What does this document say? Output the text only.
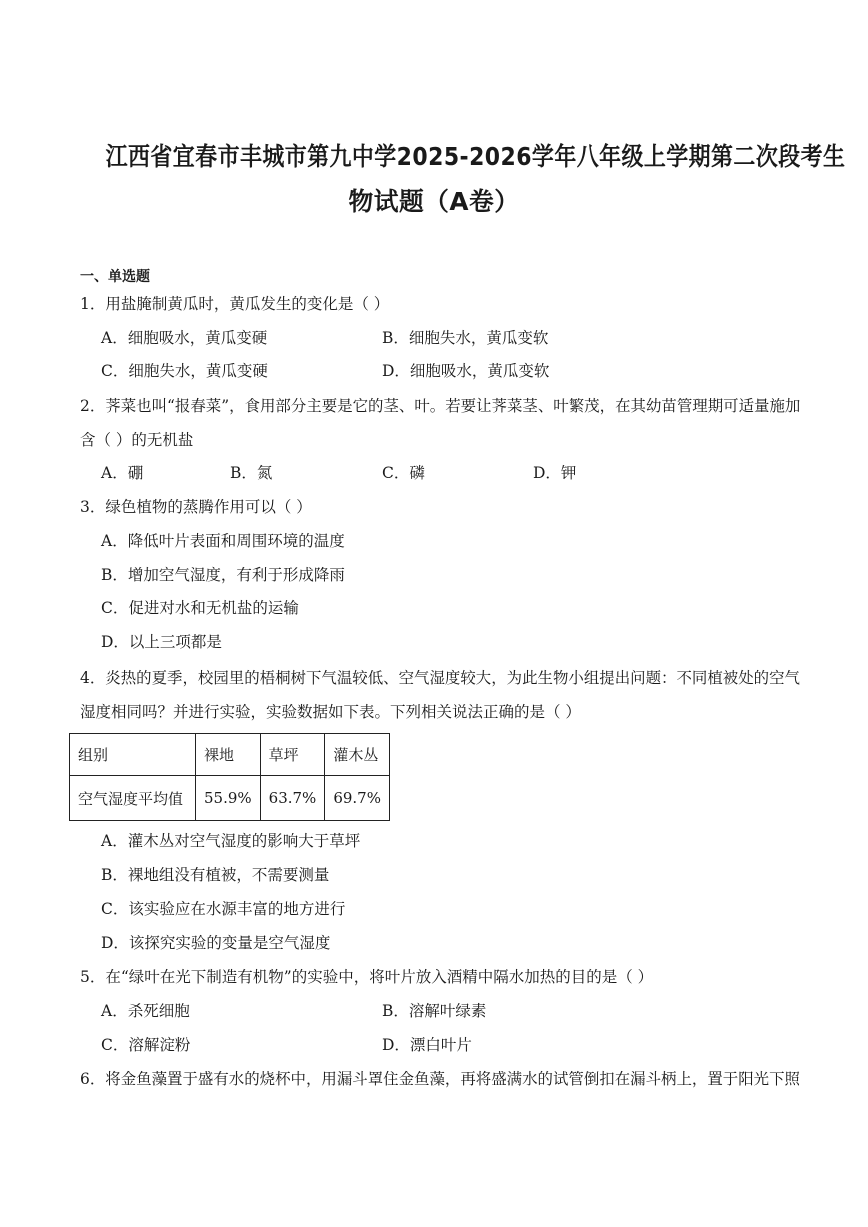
江西省宜春市丰城市第九中学2025-2026学年八年级上学期第二次段考生
物试题（A卷）
一、单选题
1．用盐腌制黄瓜时，黄瓜发生的变化是（ ）
A．细胞吸水，黄瓜变硬	B．细胞失水，黄瓜变软
C．细胞失水，黄瓜变硬	D．细胞吸水，黄瓜变软
2．荠菜也叫“报春菜”，食用部分主要是它的茎、叶。若要让荠菜茎、叶繁茂，在其幼苗管理期可适量施加
含（ ）的无机盐
A．硼	B．氮	C．磷	D．钾
3．绿色植物的蒸腾作用可以（ ）
A．降低叶片表面和周围环境的温度
B．增加空气湿度，有利于形成降雨
C．促进对水和无机盐的运输
D．以上三项都是
4．炎热的夏季，校园里的梧桐树下气温较低、空气湿度较大，为此生物小组提出问题：不同植被处的空气
湿度相同吗？并进行实验，实验数据如下表。下列相关说法正确的是（ ）
组别	裸地	草坪	灌木丛
空气湿度平均值	55.9%	63.7%	69.7%
A．灌木丛对空气湿度的影响大于草坪
B．裸地组没有植被，不需要测量
C．该实验应在水源丰富的地方进行
D．该探究实验的变量是空气湿度
5．在“绿叶在光下制造有机物”的实验中，将叶片放入酒精中隔水加热的目的是（ ）
A．杀死细胞	B．溶解叶绿素
C．溶解淀粉	D．漂白叶片
6．将金鱼藻置于盛有水的烧杯中，用漏斗罩住金鱼藻，再将盛满水的试管倒扣在漏斗柄上，置于阳光下照
